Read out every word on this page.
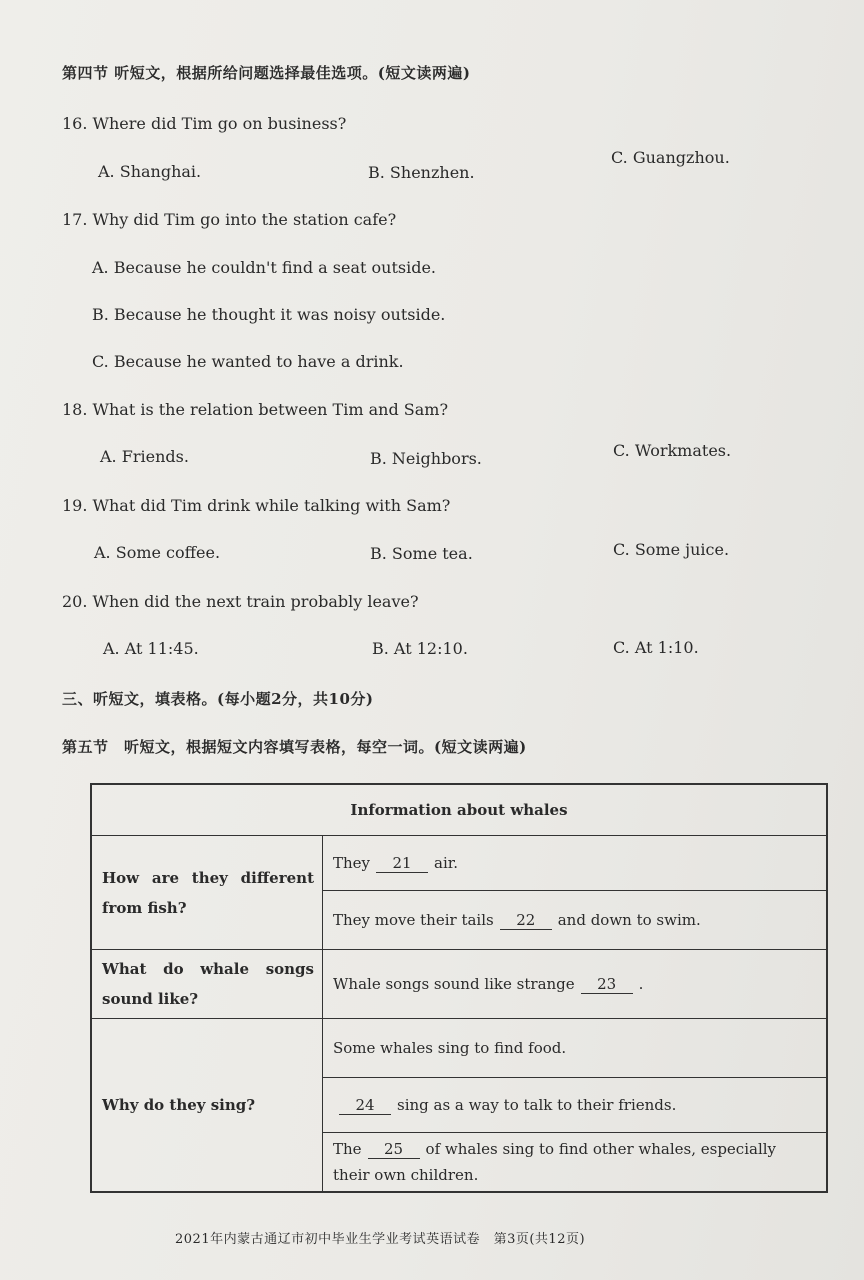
第四节 听短文，根据所给问题选择最佳选项。(短文读两遍)
16. Where did Tim go on business?
A. Shanghai.	B. Shenzhen.
C. Guangzhou.
17. Why did Tim go into the station cafe?
A. Because he couldn't find a seat outside.
B. Because he thought it was noisy outside.
C. Because he wanted to have a drink.
18. What is the relation between Tim and Sam?
A. Friends.	B. Neighbors.	C. Workmates.
19. What did Tim drink while talking with Sam?
A. Some coffee.	B. Some tea.	C. Some juice.
20. When did the next train probably leave?
A. At 11:45.	B. At 12:10.	C. At 1:10.
三、听短文，填表格。(每小题2分，共10分)
第五节　听短文，根据短文内容填写表格，每空一词。(短文读两遍)
Information about whales	
How are they different from fish?	They 21 air.
	They move their tails 22 and down to swim.
What do whale songs sound like?	Whale songs sound like strange 23 .
Why do they sing?	Some whales sing to find food.
	24 sing as a way to talk to their friends.
	The 25 of whales sing to find other whales, especially their own children.
2021年内蒙古通辽市初中毕业生学业考试英语试卷　第3页(共12页)
